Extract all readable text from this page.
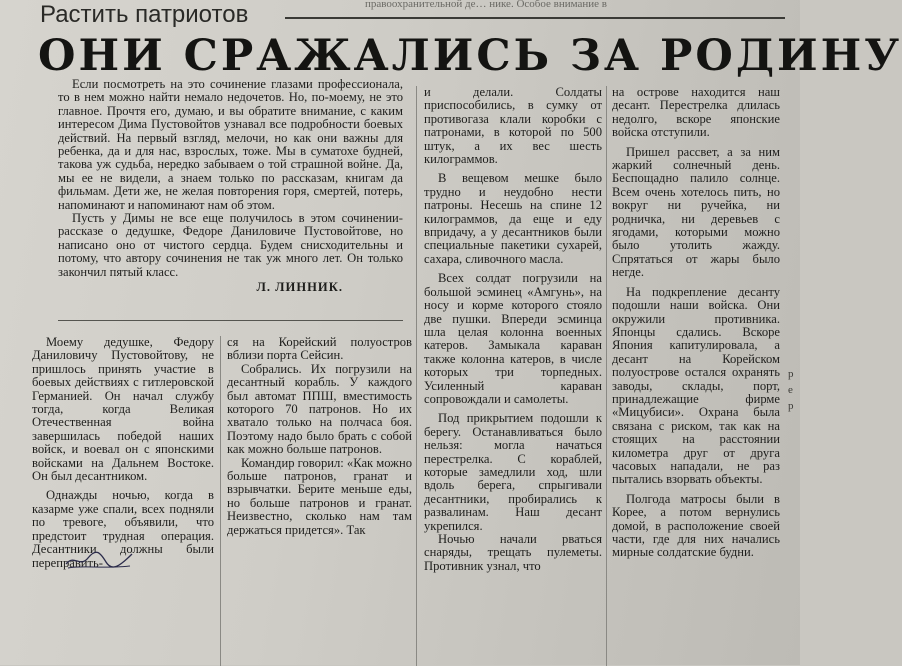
правоохранительной де… нике. Особое внимание в
Растить патриотов
ОНИ СРАЖАЛИСЬ ЗА РОДИНУ

Если посмотреть на это сочинение глазами профессионала, то в нем можно найти немало недочетов. Но, по-моему, не это главное. Прочтя его, думаю, и вы обратите внимание, с каким интересом Дима Пустовойтов узнавал все подробности боевых действий. На первый взгляд, мелочи, но как они важны для ребенка, да и для нас, взрослых, тоже. Мы в суматохе будней, такова уж судьба, нередко забываем о той страшной войне. Да, мы ее не видели, а знаем только по рассказам, книгам да фильмам. Дети же, не желая повторения горя, смертей, потерь, напоминают и напоминают нам об этом.

Пусть у Димы не все еще получилось в этом сочинении-рассказе о дедушке, Федоре Даниловиче Пустовойтове, но написано оно от чистого сердца. Будем снисходительны и потому, что автору сочинения не так уж много лет. Он только закончил пятый класс.

Л. ЛИННИК.

Моему дедушке, Федору Даниловичу Пустовойтову, не пришлось принять участие в боевых действиях с гитлеровской Германией. Он начал службу тогда, когда Великая Отечественная война завершилась победой наших войск, и воевал он с японскими войсками на Дальнем Востоке. Он был десантником.

Однажды ночью, когда в казарме уже спали, всех подняли по тревоге, объявили, что предстоит трудная операция. Десантники должны были переправить-

ся на Корейский полуостров вблизи порта Сейсин.

Собрались. Их погрузили на десантный корабль. У каждого был автомат ППШ, вместимость которого 70 патронов. Но их хватало только на полчаса боя. Поэтому надо было брать с собой как можно больше патронов.

Командир говорил: «Как можно больше патронов, гранат и взрывчатки. Берите меньше еды, но больше патронов и гранат. Неизвестно, сколько нам там держаться придется». Так

и делали. Солдаты приспособились, в сумку от противогаза клали коробки с патронами, в которой по 500 штук, а их вес шесть килограммов.

В вещевом мешке было трудно и неудобно нести патроны. Несешь на спине 12 килограммов, да еще и еду впридачу, а у десантников были специальные пакетики сухарей, сахара, сливочного масла.

Всех солдат погрузили на большой эсминец «Амгунь», на носу и корме которого стояло две пушки. Впереди эсминца шла целая колонна военных катеров. Замыкала караван также колонна катеров, в числе которых три торпедных. Усиленный караван сопровождали и самолеты.

Под прикрытием подошли к берегу. Останавливаться было нельзя: могла начаться перестрелка. С кораблей, которые замедлили ход, шли вдоль берега, спрыгивали десантники, пробирались к развалинам. Наш десант укрепился.

Ночью начали рваться снаряды, трещать пулеметы. Противник узнал, что

на острове находится наш десант. Перестрелка длилась недолго, вскоре японские войска отступили.

Пришел рассвет, а за ним жаркий солнечный день. Беспощадно палило солнце. Всем очень хотелось пить, но вокруг ни ручейка, ни родничка, ни деревьев с ягодами, которыми можно было утолить жажду. Спрятаться от жары было негде.

На подкрепление десанту подошли наши войска. Они окружили противника. Японцы сдались. Вскоре Япония капитулировала, а десант на Корейском полуострове остался охранять заводы, склады, порт, принадлежащие фирме «Мицубиси». Охрана была связана с риском, так как на стоящих на расстоянии километра друг от друга часовых нападали, не раз пытались взорвать объекты.

Полгода матросы были в Корее, а потом вернулись домой, в расположение своей части, где для них начались мирные солдатские будни.

р
е
р
